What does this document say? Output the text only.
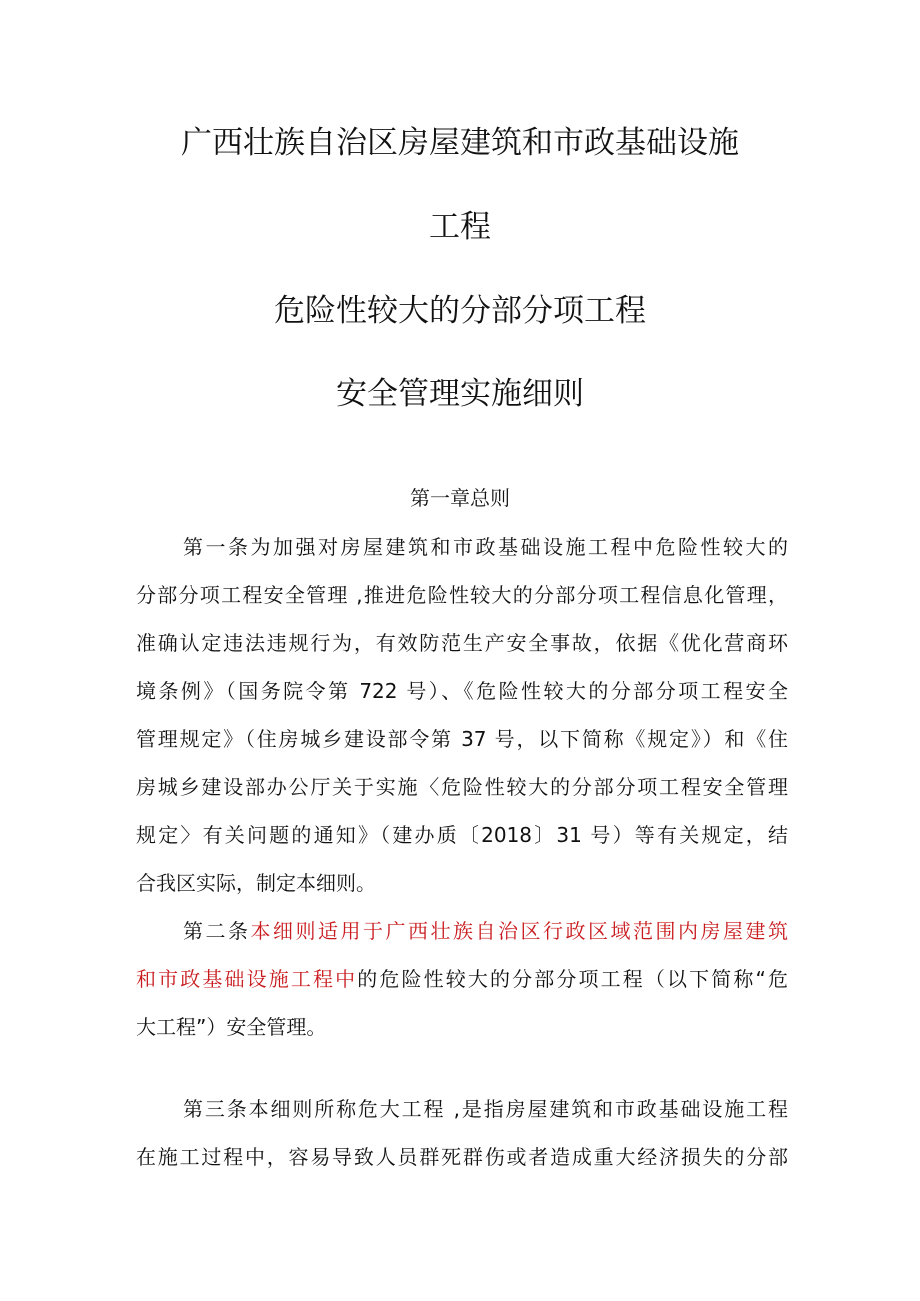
广西壮族自治区房屋建筑和市政基础设施
工程
危险性较大的分部分项工程
安全管理实施细则
第一章总则
第一条为加强对房屋建筑和市政基础设施工程中危险性较大的
分部分项工程安全管理 ,推进危险性较大的分部分项工程信息化管理，
准确认定违法违规行为，有效防范生产安全事故，依据《优化营商环
境条例》（国务院令第 722 号）、《危险性较大的分部分项工程安全
管理规定》（住房城乡建设部令第 37 号，以下简称《规定》）和《住
房城乡建设部办公厅关于实施〈危险性较大的分部分项工程安全管理
规定〉有关问题的通知》（建办质〔2018〕31 号）等有关规定，结
合我区实际，制定本细则。
第二条本细则适用于广西壮族自治区行政区域范围内房屋建筑
和市政基础设施工程中的危险性较大的分部分项工程（以下简称“危
大工程”）安全管理。
第三条本细则所称危大工程 ,是指房屋建筑和市政基础设施工程
在施工过程中，容易导致人员群死群伤或者造成重大经济损失的分部
